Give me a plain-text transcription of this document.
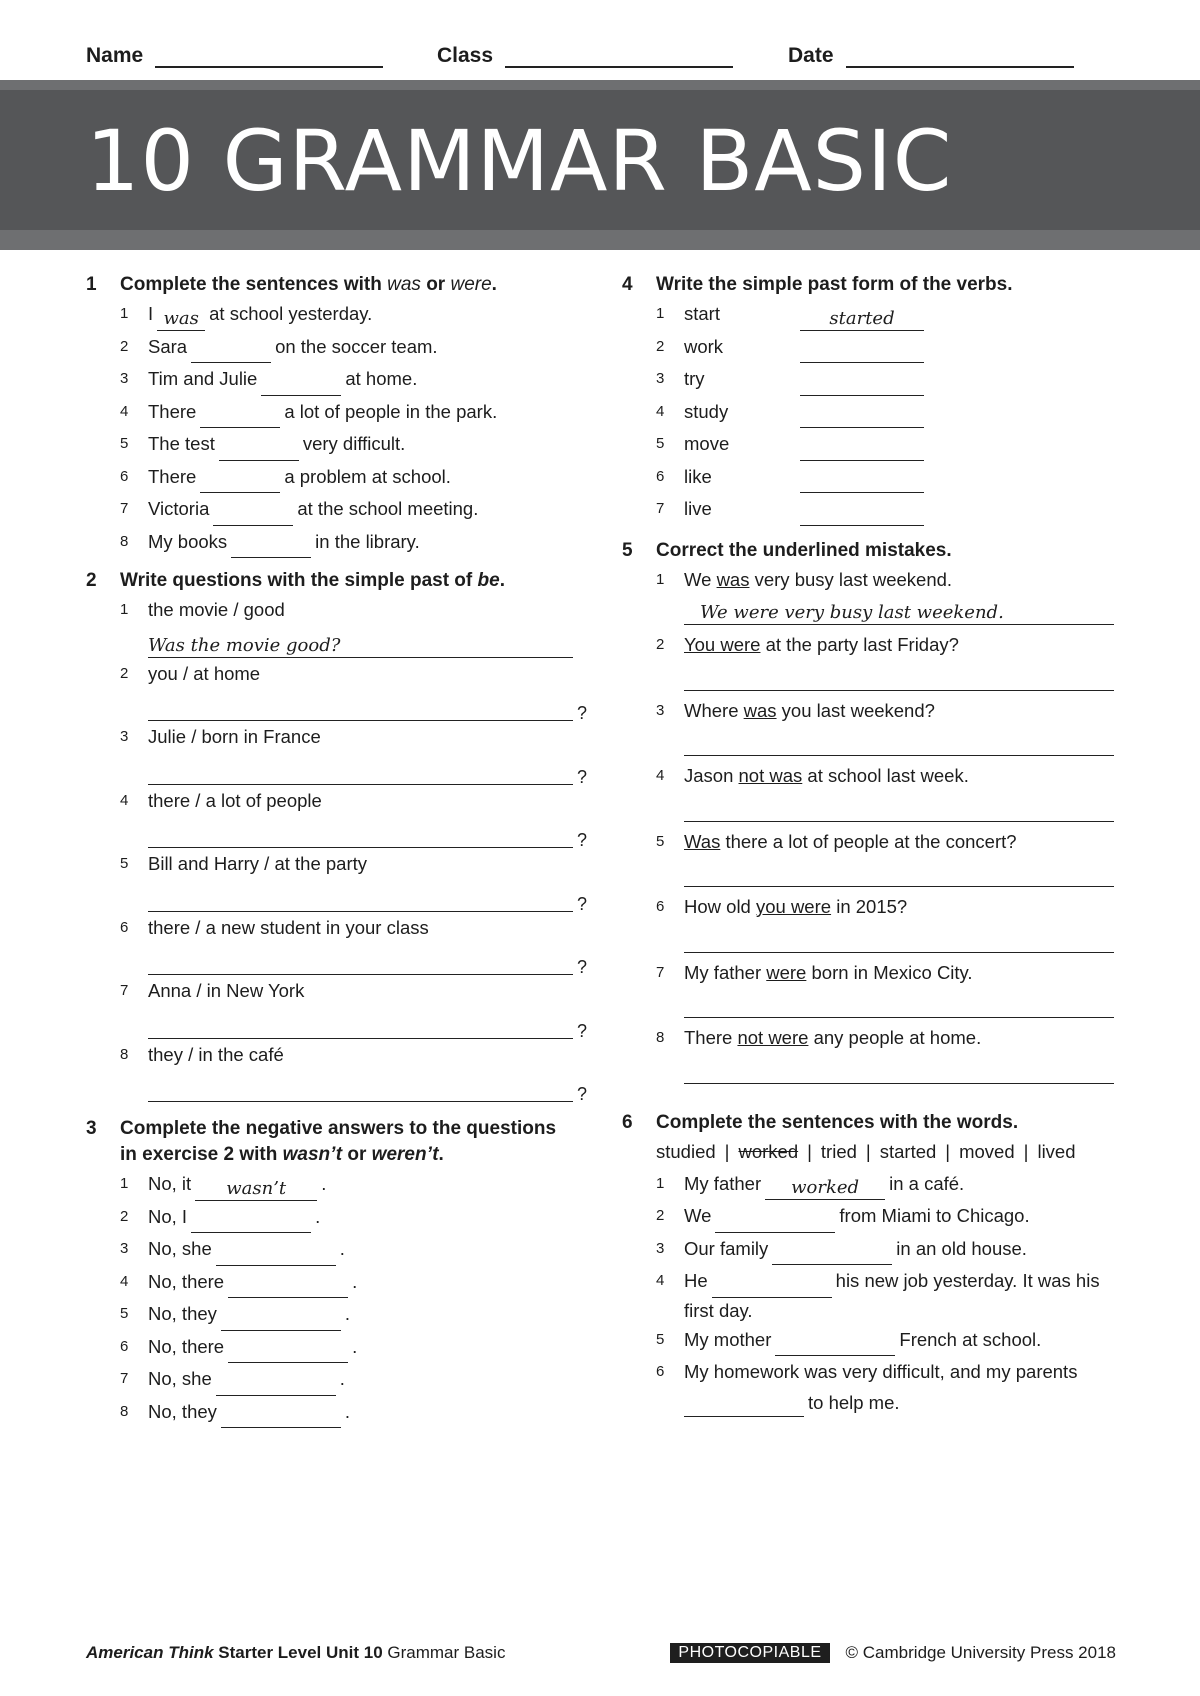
Name	Class	Date
10 GRAMMAR BASIC
1	Complete the sentences with was or were.
1	I was at school yesterday.
2	Sara	on the soccer team.
3	Tim and Julie	at home.
4	There	a lot of people in the park.
5	The test	very difficult.
6	There	a problem at school.
7	Victoria	at the school meeting.
8	My books	in the library.
2	Write questions with the simple past of be.
1	the movie / good
Was the movie good?
2	you / at home
?
3	Julie / born in France
?
4	there / a lot of people
?
5	Bill and Harry / at the party
?
6	there / a new student in your class
?
7	Anna / in New York
?
8	they / in the café
?
3	Complete the negative answers to the questions
in exercise 2 with wasn’t or weren’t.
1	No, it	wasn’t	.
2	No, I	.
3	No, she	.
4	No, there	.
5	No, they	.
6	No, there	.
7	No, she	.
8	No, they	.
4	Write the simple past form of the verbs.
1	start	started
2	work
3	try
4	study
5	move
6	like
7	live
5	Correct the underlined mistakes.
1	We was very busy last weekend.
We were very busy last weekend.
2	You were at the party last Friday?
3	Where was you last weekend?
4	Jason not was at school last week.
5	Was there a lot of people at the concert?
6	How old you were in 2015?
7	My father were born in Mexico City.
8	There not were any people at home.
6	Complete the sentences with the words.
studied | worked | tried | started | moved | lived
1	My father	worked	in a café.
2	We	from Miami to Chicago.
3	Our family	in an old house.
4	He	his new job yesterday. It was his
first day.
5	My mother	French at school.
6	My homework was very difficult, and my parents
to help me.
American Think Starter Level Unit 10 Grammar Basic	PHOTOCOPIABLE	© Cambridge University Press 2018
